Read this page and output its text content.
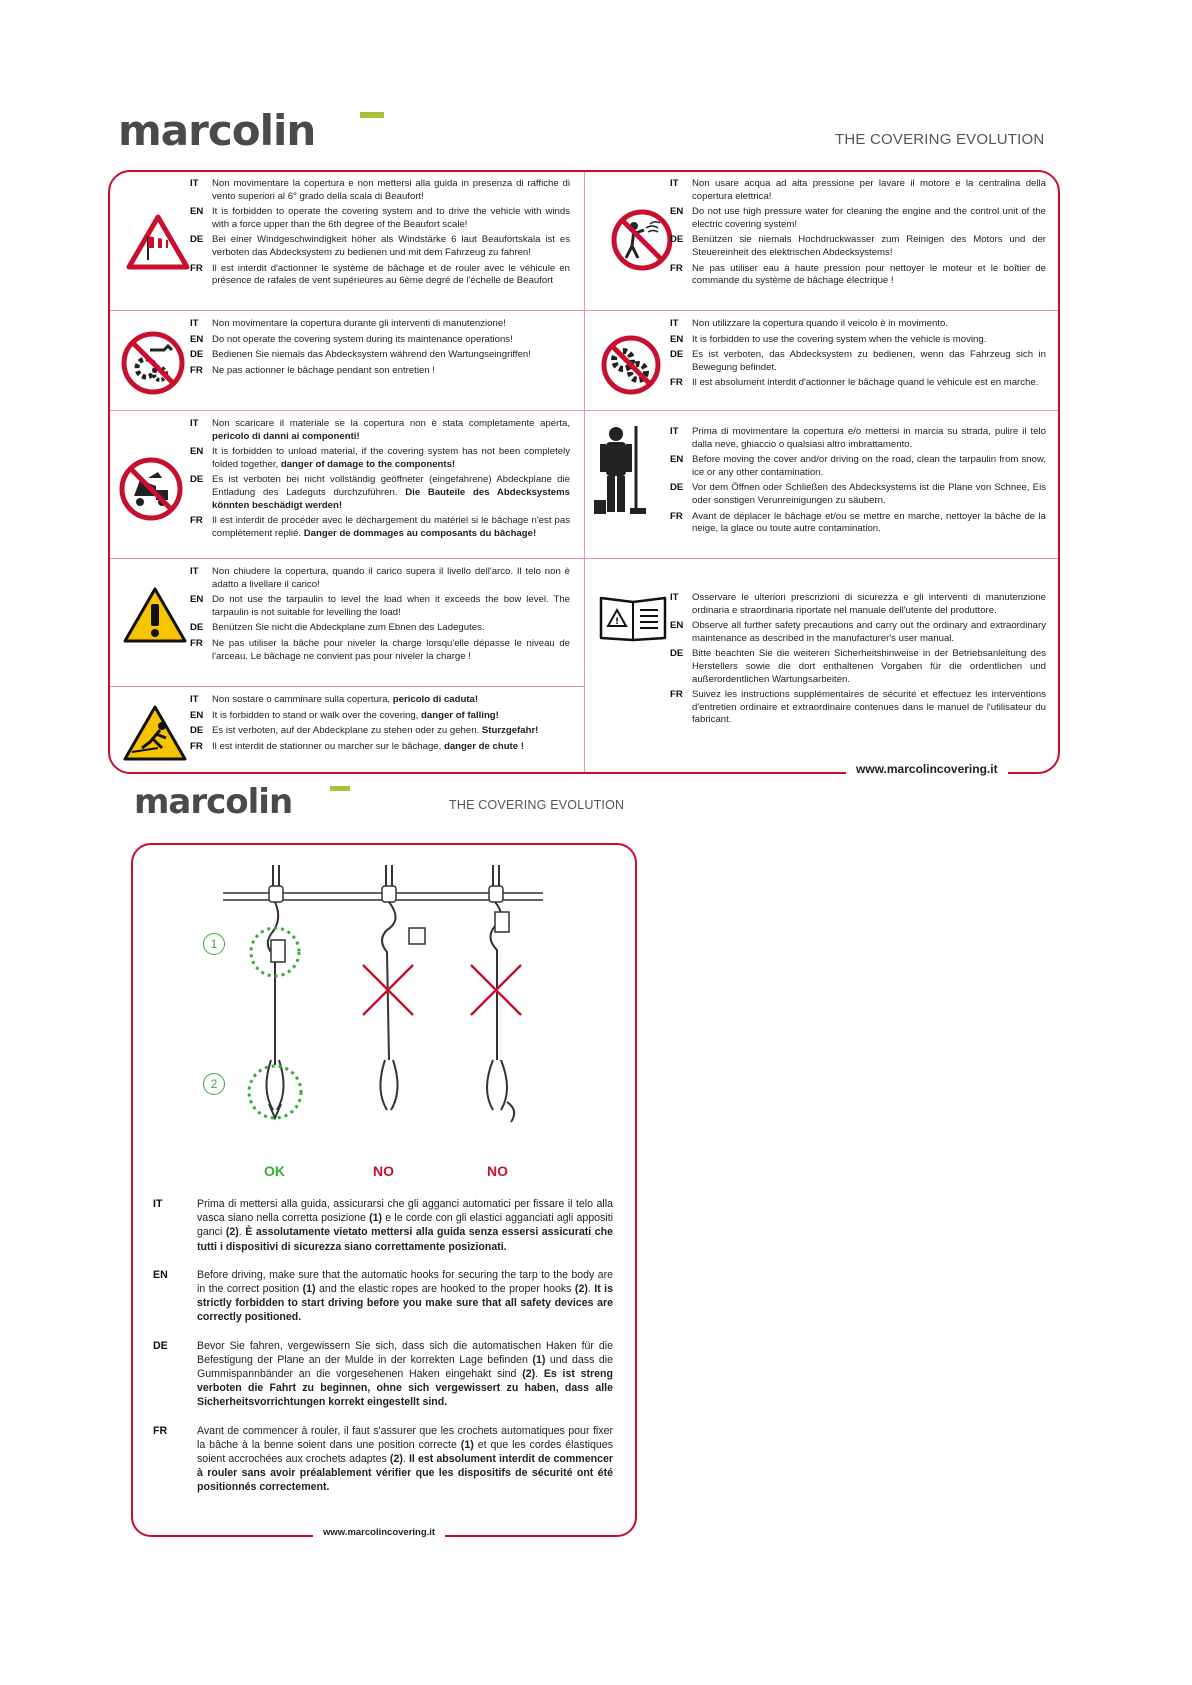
marcolin	THE COVERING EVOLUTION
!
IT	Non movimentare la copertura e non mettersi alla guida in presenza di raffiche di vento superiori al 6° grado della scala di Beaufort!
EN It is forbidden to operate the covering system and to drive the vehicle with winds with a force upper than the 6th degree of the Beaufort scale!
DE Bei einer Windgeschwindigkeit höher als Windstärke 6 laut Beaufortskala ist es verboten das Abdecksystem zu bedienen und mit dem Fahrzeug zu fahren!
FR Il est interdit d'actionner le système de bâchage et de rouler avec le véhicule en présence de rafales de vent supérieures au 6ème degré de l'échelle de Beaufort
IT	Non usare acqua ad alta pressione per lavare il motore e la centralina della copertura elettrica!
EN Do not use high pressure water for cleaning the engine and the control unit of the electric covering system!
DE Benützen sie niemals Hochdruckwasser zum Reinigen des Motors und der Steuereinheit des elektrischen Abdecksystems!
FR Ne pas utiliser eau à haute pression pour nettoyer le moteur et le boîtier de commande du système de bâchage électrique !
IT	Non movimentare la copertura durante gli interventi di manutenzione!
EN Do not operate the covering system during its maintenance operations!
DE Bedienen Sie niemals das Abdecksystem während den Wartungseingriffen!
FR Ne pas actionner le bâchage pendant son entretien !
IT	Non utilizzare la copertura quando il veicolo è in movimento.
EN It is forbidden to use the covering system when the vehicle is moving.
DE Es ist verboten, das Abdecksystem zu bedienen, wenn das Fahrzeug sich in Bewegung befindet.
FR Il est absolument interdit d'actionner le bâchage quand le véhicule est en marche.
IT	Non scaricare il materiale se la copertura non è stata completamente aperta, pericolo di danni ai componenti!
EN It is forbidden to unload material, if the covering system has not been completely folded together, danger of damage to the components!
DE Es ist verboten bei nicht vollständig geöffneter (eingefahrene) Abdeckplane die Entladung des Ladeguts durchzuführen. Die Bauteile des Abdecksystems könnten beschädigt werden!
FR Il est interdit de procéder avec le déchargement du matériel si le bâchage n'est pas complètement replié. Danger de dommages au composants du bâchage!
IT	Prima di movimentare la copertura e/o mettersi in marcia su strada, pulire il telo dalla neve, ghiaccio o qualsiasi altro imbrattamento.
EN Before moving the cover and/or driving on the road, clean the tarpaulin from snow, ice or any other contamination.
DE Vor dem Öffnen oder Schließen des Abdecksystems ist die Plane von Schnee, Eis oder sonstigen Verunreinigungen zu säubern.
FR Avant de déplacer le bâchage et/ou se mettre en marche, nettoyer la bâche de la neige, la glace ou toute autre contamination.
IT	Non chiudere la copertura, quando il carico supera il livello dell'arco. Il telo non è adatto a livellare il carico!
EN Do not use the tarpaulin to level the load when it exceeds the bow level. The tarpaulin is not suitable for levelling the load!
DE Benützen Sie nicht die Abdeckplane zum Ebnen des Ladegutes.
FR Ne pas utiliser la bâche pour niveler la charge lorsqu'elle dépasse le niveau de l'arceau. Le bâchage ne convient pas pour niveler la charge !
IT	Osservare le ulteriori prescrizioni di sicurezza e gli interventi di manutenzione ordinaria e straordinaria riportate nel manuale dell'utente del produttore.
EN Observe all further safety precautions and carry out the ordinary and extraordinary maintenance as described in the manufacturer's user manual.
DE Bitte beachten Sie die weiteren Sicherheitshinweise in der Betriebsanleitung des Herstellers sowie die dort enthaltenen Vorgaben für die ordentlichen und außerordentlichen Wartungsarbeiten.
FR Suivez les instructions supplémentaires de sécurité et effectuez les interventions d'entretien ordinaire et extraordinaire contenues dans le manuel de l'utilisateur du fabricant.
IT	Non sostare o camminare sulla copertura, pericolo di caduta!
EN It is forbidden to stand or walk over the covering, danger of falling!
DE Es ist verboten, auf der Abdeckplane zu stehen oder zu gehen. Sturzgefahr!
FR Il est interdit de stationner ou marcher sur le bâchage, danger de chute !
www.marcolincovering.it
marcolin	THE COVERING EVOLUTION
1
2
OK	NO	NO
IT	Prima di mettersi alla guida, assicurarsi che gli agganci automatici per fissare il telo alla vasca siano nella corretta posizione (1) e le corde con gli elastici agganciati agli appositi ganci (2). È assolutamente vietato mettersi alla guida senza essersi assicurati che tutti i dispositivi di sicurezza siano correttamente posizionati.
EN	Before driving, make sure that the automatic hooks for securing the tarp to the body are in the correct position (1) and the elastic ropes are hooked to the proper hooks (2). It is strictly forbidden to start driving before you make sure that all safety devices are correctly positioned.
DE	Bevor Sie fahren, vergewissern Sie sich, dass sich die automatischen Haken für die Befestigung der Plane an der Mulde in der korrekten Lage befinden (1) und dass die Gummispannbänder an die vorgesehenen Haken eingehakt sind (2). Es ist streng verboten die Fahrt zu beginnen, ohne sich vergewissert zu haben, dass alle Sicherheitsvorrichtungen korrekt eingestellt sind.
FR	Avant de commencer à rouler, il faut s'assurer que les crochets automatiques pour fixer la bâche à la benne soient dans une position correcte (1) et que les cordes élastiques soient accrochées aux crochets adaptes (2). Il est absolument interdit de commencer à rouler sans avoir préalablement vérifier que les dispositifs de sécurité ont été positionnés correctement.
www.marcolincovering.it
